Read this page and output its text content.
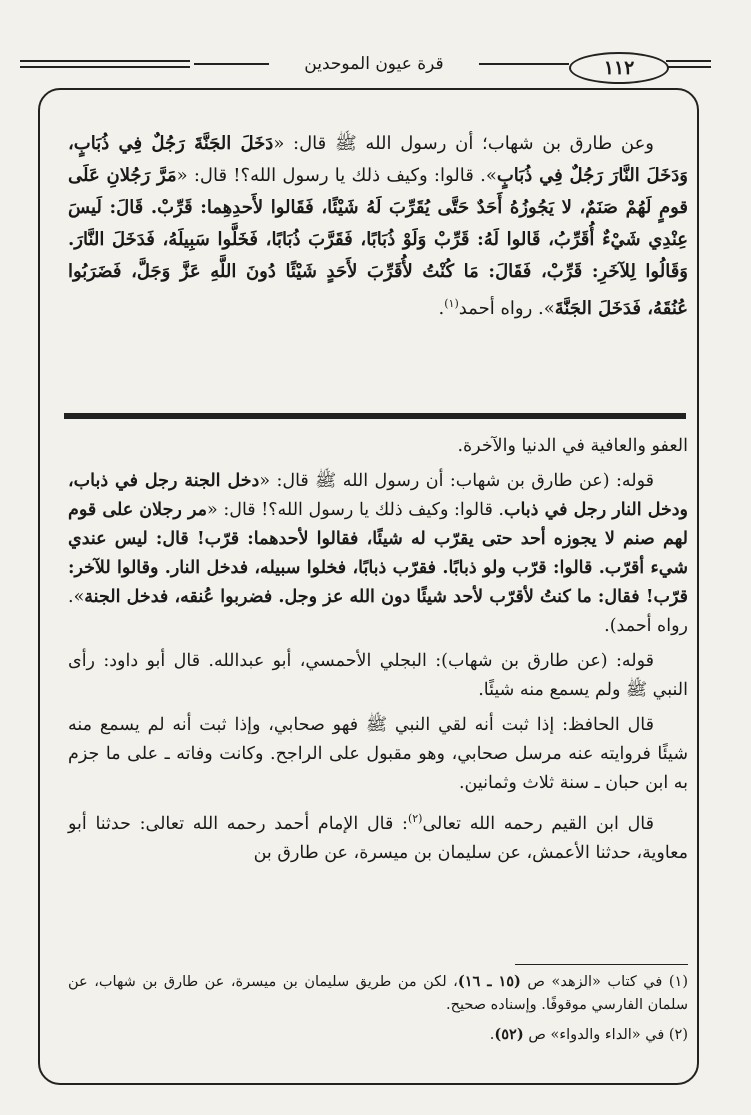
قرة عيون الموحدين	١١٢

وعن طارق بن شهاب؛ أن رسول الله ﷺ قال: «دَخَلَ الجَنَّةَ رَجُلٌ فِي ذُبَابٍ، وَدَخَلَ النَّارَ رَجُلٌ فِي ذُبَابٍ». قالوا: وكيف ذلك يا رسول الله؟! قال: «مَرَّ رَجُلانِ عَلَى قومٍ لَهُمْ صَنَمٌ، لا يَجُوزُهُ أَحَدٌ حَتَّى يُقَرِّبَ لَهُ شَيْئًا، فَقَالوا لأَحدِهِما: قَرِّبْ. قَالَ: لَيسَ عِنْدِي شَيْءٌ أُقَرِّبُ، قَالوا لَهُ: قَرِّبْ وَلَوْ ذُبَابًا، فَقَرَّبَ ذُبَابًا، فَخَلَّوا سَبِيلَهُ، فَدَخَلَ النَّارَ. وَقَالُوا لِلآخَرِ: قَرِّبْ، فَقَالَ: مَا كُنْتُ لأُقَرِّبَ لأَحَدٍ شَيْئًا دُونَ اللَّهِ عَزَّ وَجَلَّ، فَضَرَبُوا عُنُقَهُ، فَدَخَلَ الجَنَّةَ». رواه أحمد$^{(١)}$.

العفو والعافية في الدنيا والآخرة.

قوله: (عن طارق بن شهاب: أن رسول الله ﷺ قال: «دخل الجنة رجل في ذباب، ودخل النار رجل في ذباب. قالوا: وكيف ذلك يا رسول الله؟! قال: «مر رجلان على قوم لهم صنم لا يجوزه أحد حتى يقرّب له شيئًا، فقالوا لأحدهما: قرّب! قال: ليس عندي شيء أقرّب. قالوا: قرّب ولو ذبابًا. فقرّب ذبابًا، فخلوا سبيله، فدخل النار. وقالوا للآخر: قرّب! فقال: ما كنتُ لأقرّب لأحد شيئًا دون الله عز وجل. فضربوا عُنقه، فدخل الجنة». رواه أحمد).

قوله: (عن طارق بن شهاب): البجلي الأحمسي، أبو عبدالله. قال أبو داود: رأى النبي ﷺ ولم يسمع منه شيئًا.

قال الحافظ: إذا ثبت أنه لقي النبي ﷺ فهو صحابي، وإذا ثبت أنه لم يسمع منه شيئًا فروايته عنه مرسل صحابي، وهو مقبول على الراجح. وكانت وفاته ـ على ما جزم به ابن حبان ـ سنة ثلاث وثمانين.

قال ابن القيم رحمه الله تعالى$^{(٢)}$: قال الإمام أحمد رحمه الله تعالى: حدثنا أبو معاوية، حدثنا الأعمش، عن سليمان بن ميسرة، عن طارق بن

(١) في كتاب «الزهد» ص (١٥ ـ ١٦)، لكن من طريق سليمان بن ميسرة، عن طارق بن شهاب، عن سلمان الفارسي موقوفًا. وإسناده صحيح.

(٢) في «الداء والدواء» ص (٥٢).
